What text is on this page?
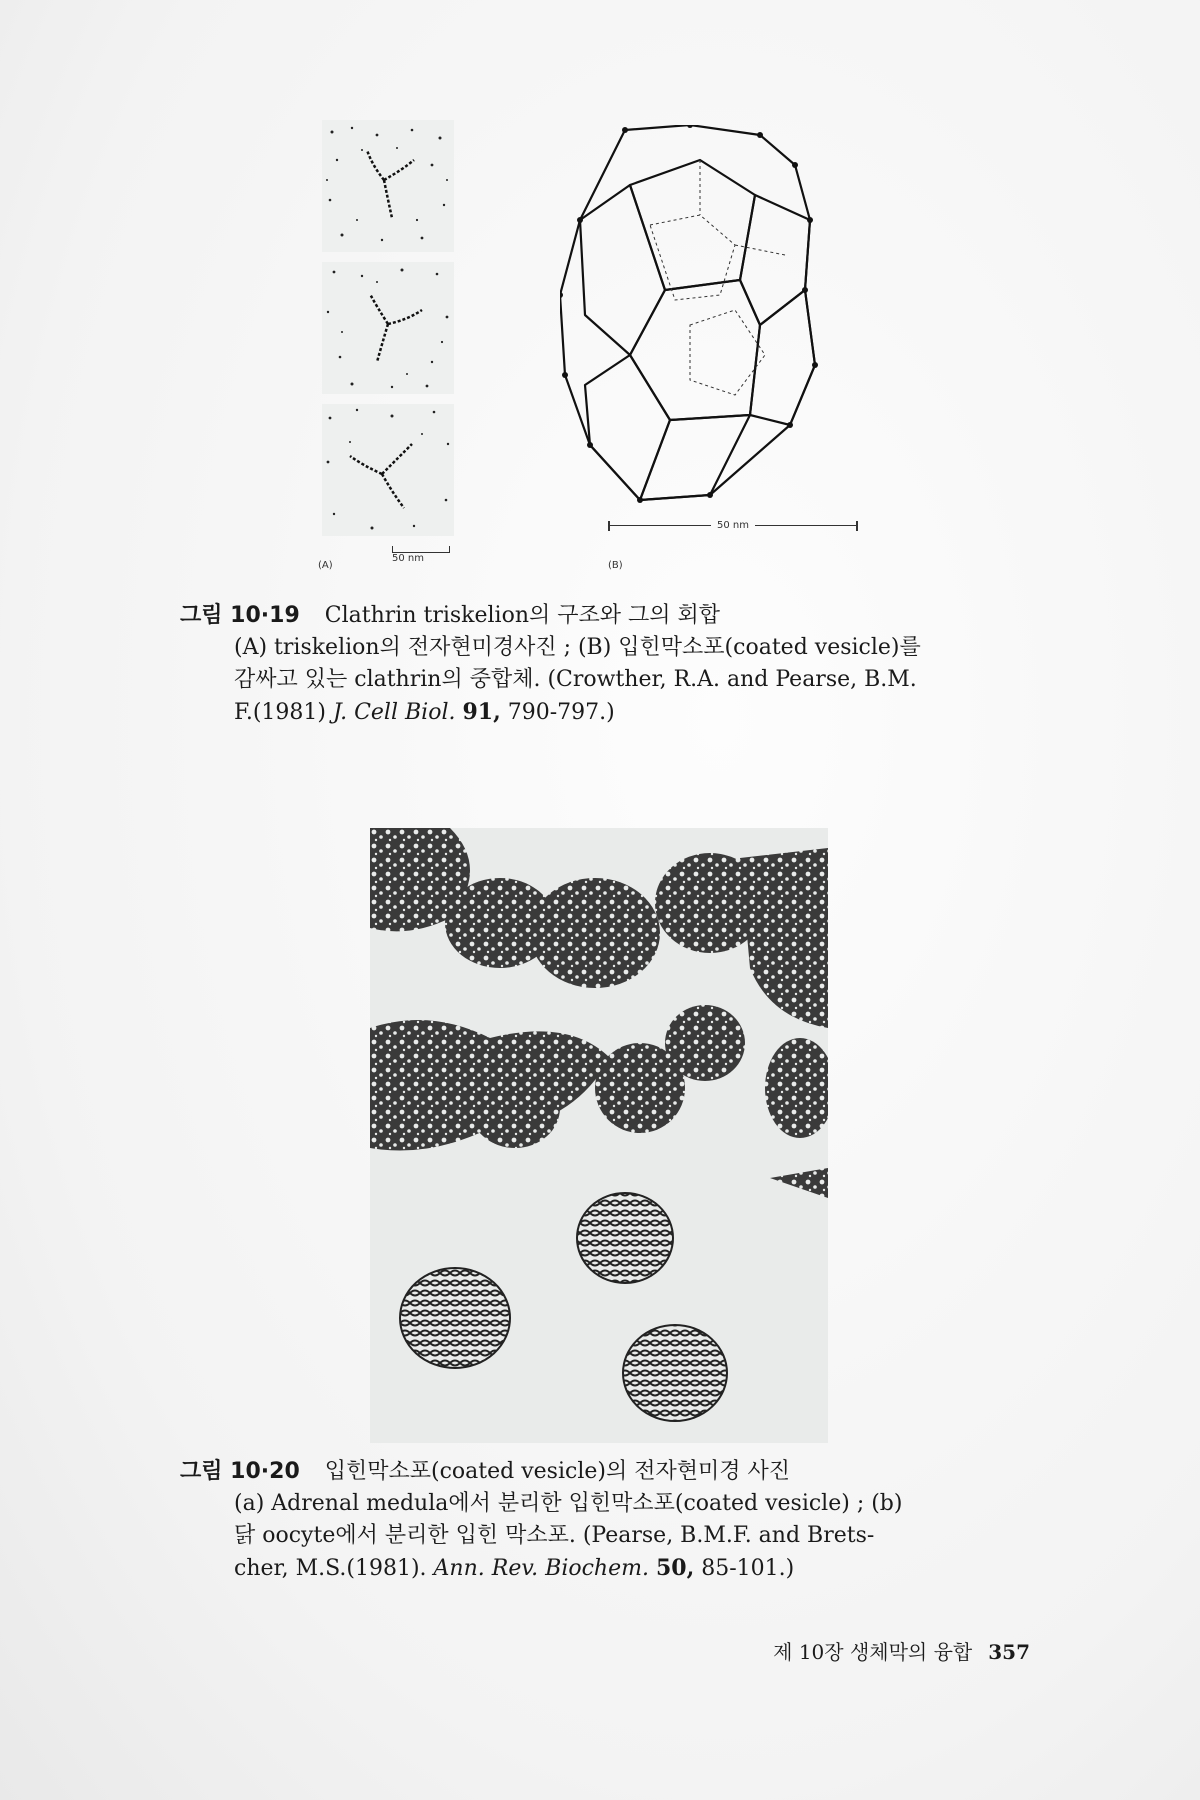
50 nm
(A)
50 nm
(B)
그림 10·19 Clathrin triskelion의 구조와 그의 회합
(A) triskelion의 전자현미경사진 ; (B) 입힌막소포(coated vesicle)를
감싸고 있는 clathrin의 중합체. (Crowther, R.A. and Pearse, B.M.
F.(1981) J. Cell Biol. 91, 790-797.)
그림 10·20 입힌막소포(coated vesicle)의 전자현미경 사진
(a) Adrenal medula에서 분리한 입힌막소포(coated vesicle) ; (b)
닭 oocyte에서 분리한 입힌 막소포. (Pearse, B.M.F. and Brets-
cher, M.S.(1981). Ann. Rev. Biochem. 50, 85-101.)
제 10장 생체막의 융합 357
